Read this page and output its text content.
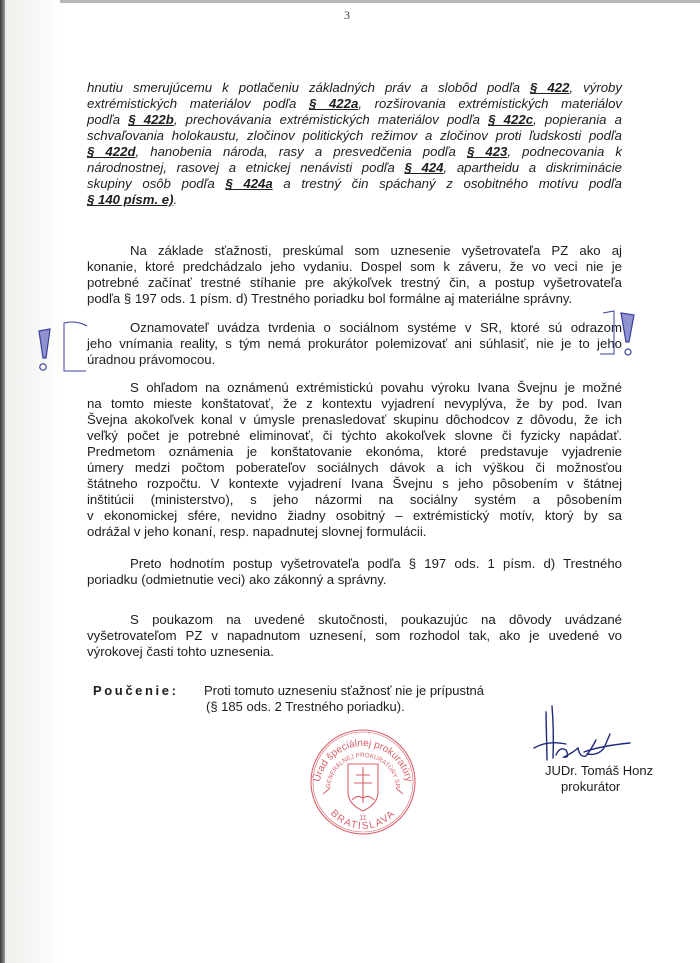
3
hnutiu smerujúcemu k potlačeniu základných práv a slobôd podľa § 422, výroby
extrémistických materiálov podľa § 422a, rozširovania extrémistických materiálov
podľa § 422b, prechovávania extrémistických materiálov podľa § 422c, popierania a
schvaľovania holokaustu, zločinov politických režimov a zločinov proti ľudskosti podľa
§ 422d, hanobenia národa, rasy a presvedčenia podľa § 423, podnecovania k
národnostnej, rasovej a etnickej nenávisti podľa § 424, apartheidu a diskriminácie
skupiny osôb podľa § 424a a trestný čin spáchaný z osobitného motívu podľa
§ 140 písm. e).
Na základe sťažnosti, preskúmal som uznesenie vyšetrovateľa PZ ako aj
konanie, ktoré predchádzalo jeho vydaniu. Dospel som k záveru, že vo veci nie je
potrebné začínať trestné stíhanie pre akýkoľvek trestný čin, a postup vyšetrovateľa
podľa § 197 ods. 1 písm. d) Trestného poriadku bol formálne aj materiálne správny.
Oznamovateľ uvádza tvrdenia o sociálnom systéme v SR, ktoré sú odrazom
jeho vnímania reality, s tým nemá prokurátor polemizovať ani súhlasiť, nie je to jeho
úradnou právomocou.
S ohľadom na oznámenú extrémistickú povahu výroku Ivana Švejnu je možné
na tomto mieste konštatovať, že z kontextu vyjadrení nevyplýva, že by pod. Ivan
Švejna akokoľvek konal v úmysle prenasledovať skupinu dôchodcov z dôvodu, že ich
veľký počet je potrebné eliminovať, či týchto akokoľvek slovne či fyzicky napádať.
Predmetom oznámenia je konštatovanie ekonóma, ktoré predstavuje vyjadrenie
úmery medzi počtom poberateľov sociálnych dávok a ich výškou či možnosťou
štátneho rozpočtu. V kontexte vyjadrení Ivana Švejnu s jeho pôsobením v štátnej
inštitúcii (ministerstvo), s jeho názormi na sociálny systém a pôsobením
v ekonomickej sfére, nevidno žiadny osobitný – extrémistický motív, ktorý by sa
odrážal v jeho konaní, resp. napadnutej slovnej formulácii.
Preto hodnotím postup vyšetrovateľa podľa § 197 ods. 1 písm. d) Trestného
poriadku (odmietnutie veci) ako zákonný a správny.
S poukazom na uvedené skutočnosti, poukazujúc na dôvody uvádzané
vyšetrovateľom PZ v napadnutom uznesení, som rozhodol tak, ako je uvedené vo
výrokovej časti tohto uznesenia.
Poučenie: Proti tomuto uzneseniu sťažnosť nie je prípustná
(§ 185 ods. 2 Trestného poriadku).
Úrad špeciálnej prokuratúry
GENERÁLNEJ PROKURATÚRY SR
11
BRATISLAVA
JUDr. Tomáš Honz
prokurátor
